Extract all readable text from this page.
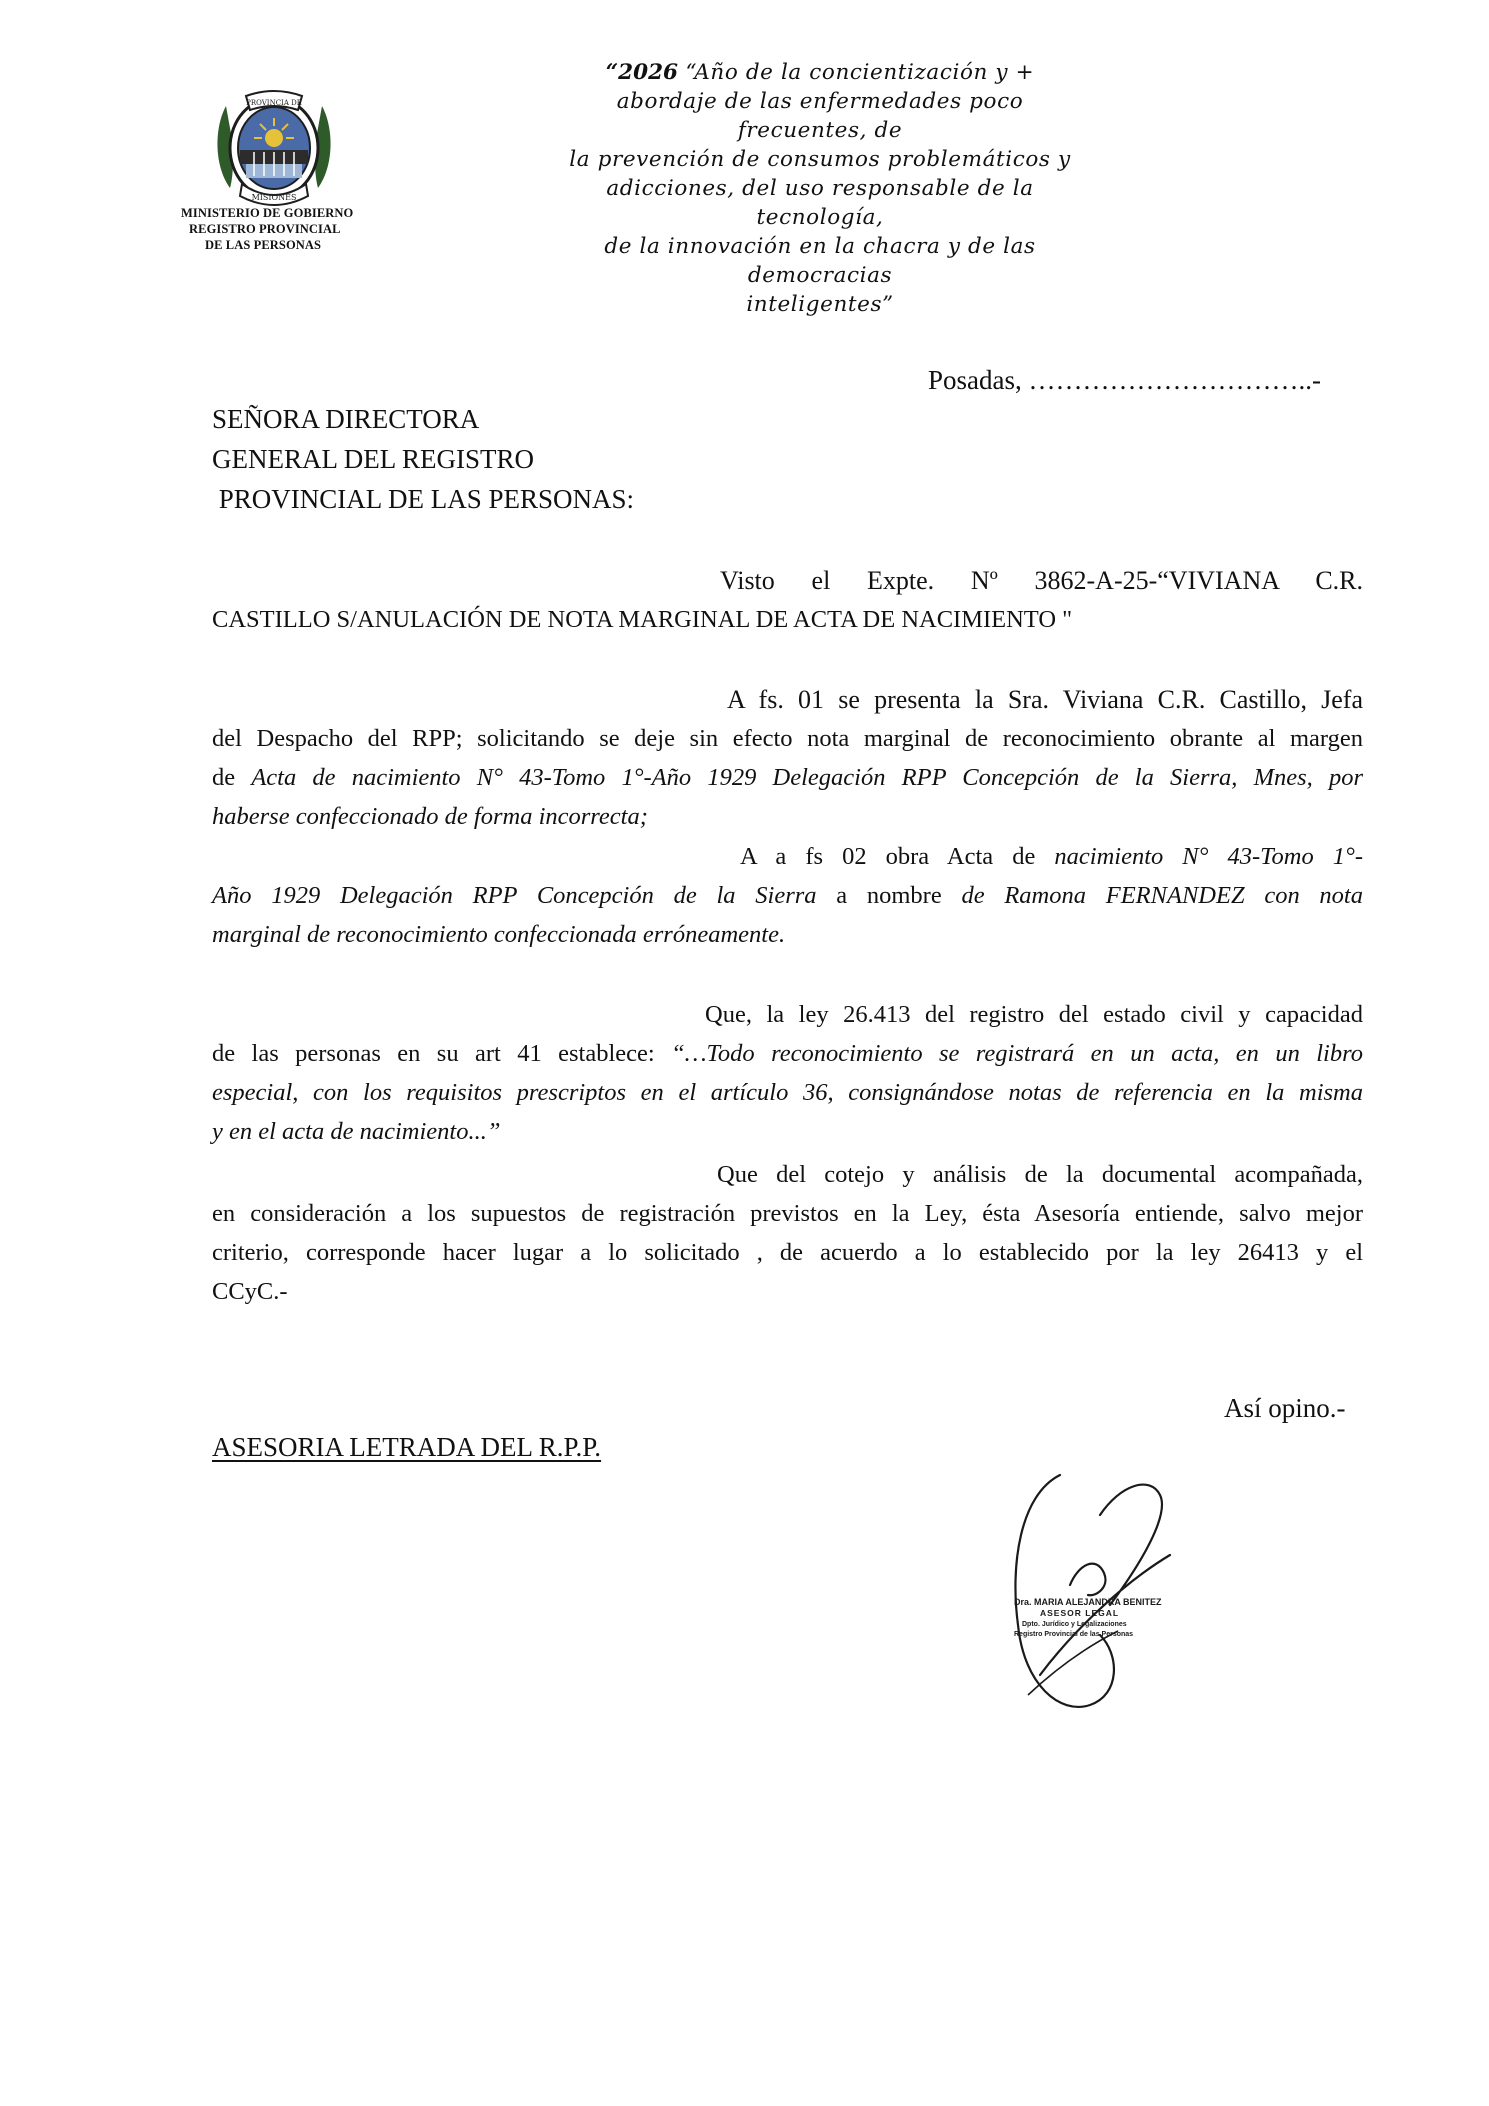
PROVINCIA DE
MISIONES
MINISTERIO DE GOBIERNO
REGISTRO PROVINCIAL
DE LAS PERSONAS
“2026 “Año de la concientización y +
abordaje de las enfermedades poco frecuentes, de
la prevención de consumos problemáticos y
adicciones, del uso responsable de la tecnología,
de la innovación en la chacra y de las democracias
inteligentes”
Posadas, …………………………..-
SEÑORA DIRECTORA
GENERAL DEL REGISTRO
PROVINCIAL DE LAS PERSONAS:
Visto el Expte. Nº 3862-A-25-“VIVIANA C.R.
CASTILLO S/ANULACIÓN DE NOTA MARGINAL DE ACTA DE NACIMIENTO "
A fs. 01 se presenta la Sra. Viviana C.R. Castillo, Jefa
del Despacho del RPP; solicitando se deje sin efecto nota marginal de reconocimiento obrante al margen
de Acta de nacimiento N° 43-Tomo 1°-Año 1929 Delegación RPP Concepción de la Sierra, Mnes, por
haberse confeccionado de forma incorrecta;
A a fs 02 obra Acta de nacimiento N° 43-Tomo 1°-
Año 1929 Delegación RPP Concepción de la Sierra a nombre de Ramona FERNANDEZ con nota
marginal de reconocimiento confeccionada erróneamente.
Que, la ley 26.413 del registro del estado civil y capacidad
de las personas en su art 41 establece: “…Todo reconocimiento se registrará en un acta, en un libro
especial, con los requisitos prescriptos en el artículo 36, consignándose notas de referencia en la misma
y en el acta de nacimiento...”
Que del cotejo y análisis de la documental acompañada,
en consideración a los supuestos de registración previstos en la Ley, ésta Asesoría entiende, salvo mejor
criterio, corresponde hacer lugar a lo solicitado , de acuerdo a lo establecido por la ley 26413 y el
CCyC.-
Así opino.-
ASESORIA LETRADA DEL R.P.P.
Dra. MARIA ALEJANDRA BENITEZ
ASESOR LEGAL
Dpto. Jurídico y Legalizaciones
Registro Provincial de las Personas
